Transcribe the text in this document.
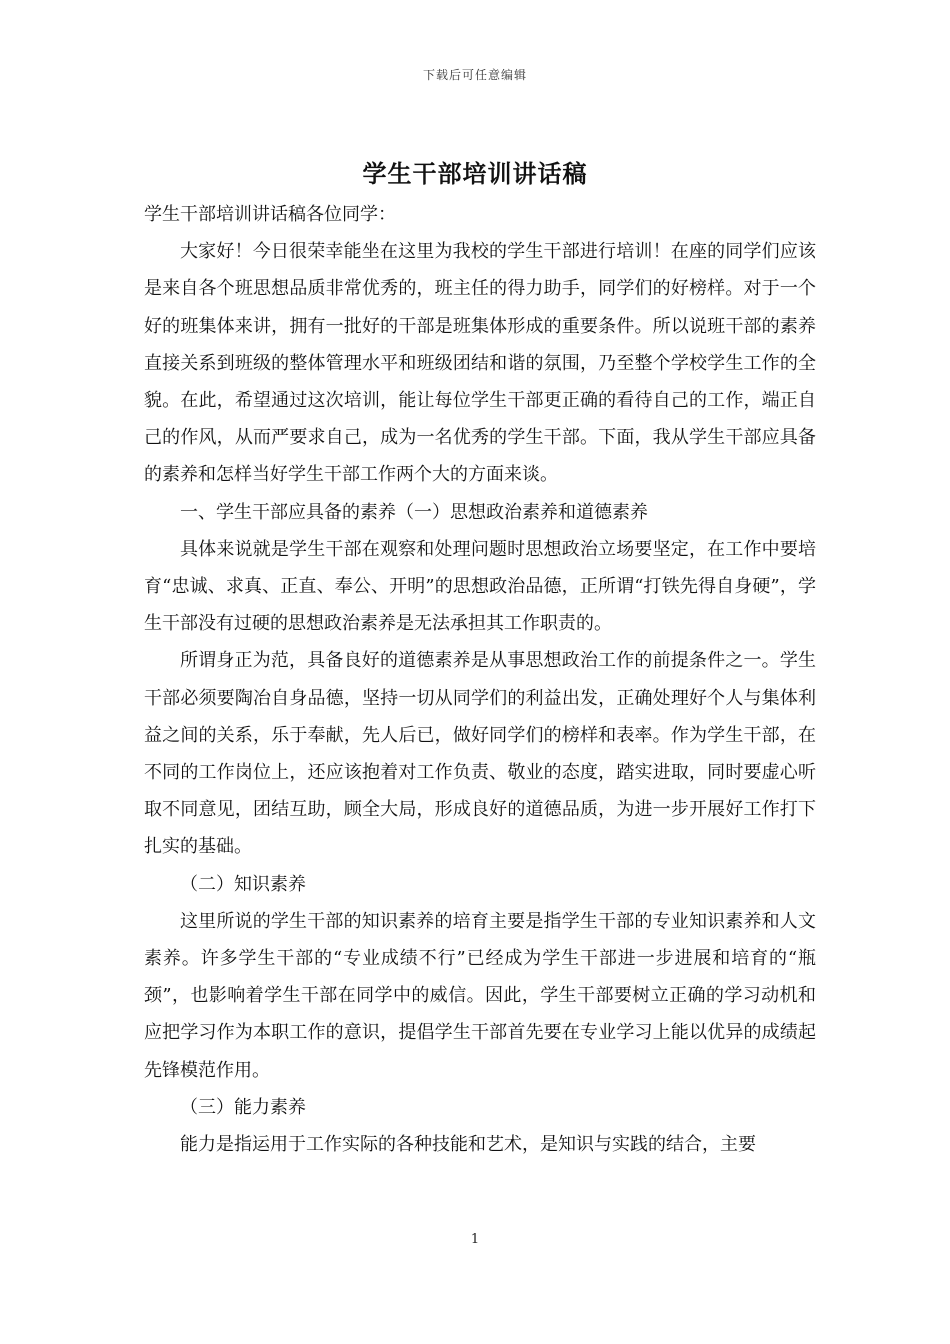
下载后可任意编辑
学生干部培训讲话稿

学生干部培训讲话稿各位同学：

大家好！今日很荣幸能坐在这里为我校的学生干部进行培训！在座的同学们应该是来自各个班思想品质非常优秀的，班主任的得力助手，同学们的好榜样。对于一个好的班集体来讲，拥有一批好的干部是班集体形成的重要条件。所以说班干部的素养直接关系到班级的整体管理水平和班级团结和谐的氛围，乃至整个学校学生工作的全貌。在此，希望通过这次培训，能让每位学生干部更正确的看待自己的工作，端正自己的作风，从而严要求自己，成为一名优秀的学生干部。下面，我从学生干部应具备的素养和怎样当好学生干部工作两个大的方面来谈。

一、学生干部应具备的素养（一）思想政治素养和道德素养

具体来说就是学生干部在观察和处理问题时思想政治立场要坚定，在工作中要培育“忠诚、求真、正直、奉公、开明”的思想政治品德，正所谓“打铁先得自身硬”，学生干部没有过硬的思想政治素养是无法承担其工作职责的。

所谓身正为范，具备良好的道德素养是从事思想政治工作的前提条件之一。学生干部必须要陶冶自身品德，坚持一切从同学们的利益出发，正确处理好个人与集体利益之间的关系，乐于奉献，先人后已，做好同学们的榜样和表率。作为学生干部，在不同的工作岗位上，还应该抱着对工作负责、敬业的态度，踏实进取，同时要虚心听取不同意见，团结互助，顾全大局，形成良好的道德品质，为进一步开展好工作打下扎实的基础。

（二）知识素养

这里所说的学生干部的知识素养的培育主要是指学生干部的专业知识素养和人文素养。许多学生干部的“专业成绩不行”已经成为学生干部进一步进展和培育的“瓶颈”，也影响着学生干部在同学中的威信。因此，学生干部要树立正确的学习动机和应把学习作为本职工作的意识，提倡学生干部首先要在专业学习上能以优异的成绩起先锋模范作用。

（三）能力素养

能力是指运用于工作实际的各种技能和艺术，是知识与实践的结合，主要

1
